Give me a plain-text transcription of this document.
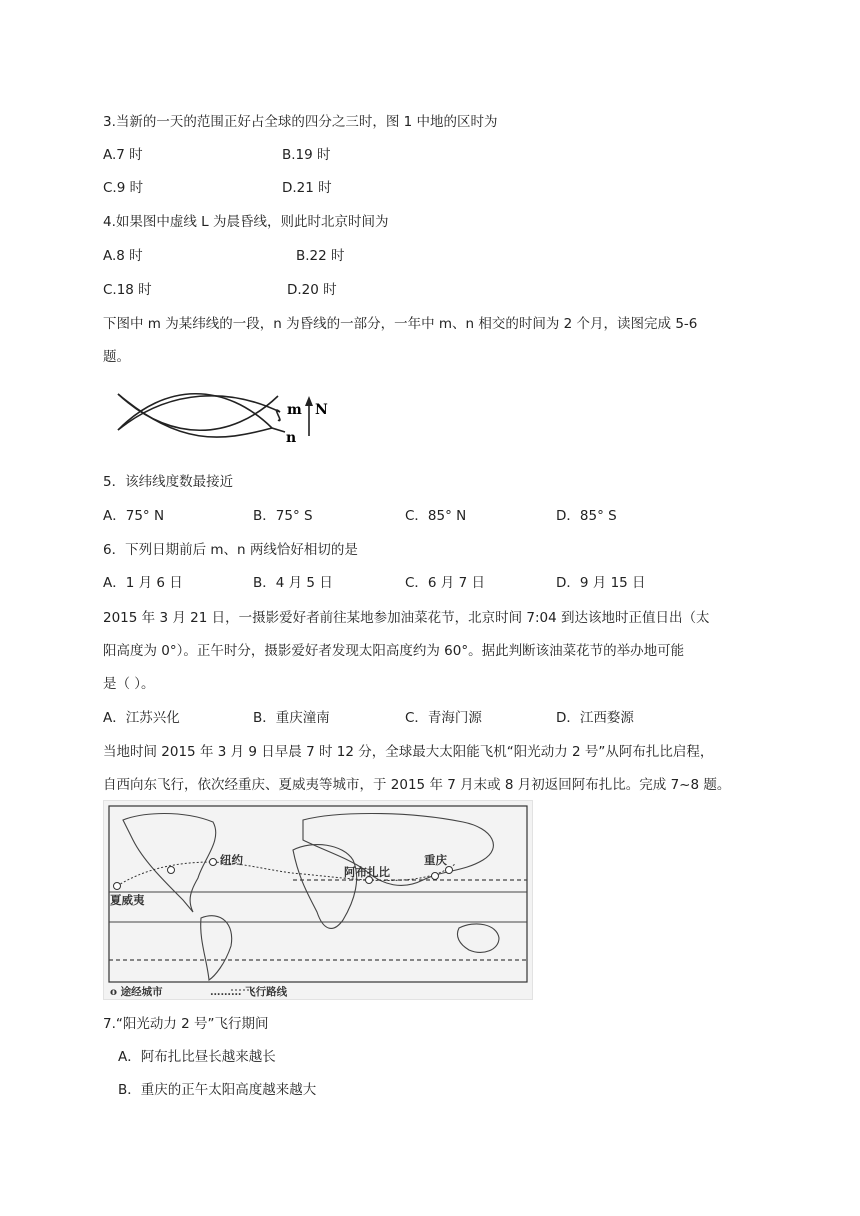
3.当新的一天的范围正好占全球的四分之三时，图 1 中地的区时为
A.7 时	B.19 时
C.9 时	D.21 时
4.如果图中虚线 L 为晨昏线，则此时北京时间为
A.8 时	B.22 时
C.18 时	D.20 时
下图中 m 为某纬线的一段，n 为昏线的一部分，一年中 m、n 相交的时间为 2 个月，读图完成 5-6
题。
m
n
N
5．该纬线度数最接近
A．75° N	B．75° S	C．85° N	D．85° S
6．下列日期前后 m、n 两线恰好相切的是
A．1 月 6 日	B．4 月 5 日	C．6 月 7 日	D．9 月 15 日
2015 年 3 月 21 日，一摄影爱好者前往某地参加油菜花节，北京时间 7:04 到达该地时正值日出（太
阳高度为 0°）。正午时分，摄影爱好者发现太阳高度约为 60°。据此判断该油菜花节的举办地可能
是（ ）。
A．江苏兴化	B．重庆潼南	C．青海门源	D．江西婺源
当地时间 2015 年 3 月 9 日早晨 7 时 12 分，全球最大太阳能飞机“阳光动力 2 号”从阿布扎比启程，
自西向东飞行，依次经重庆、夏威夷等城市，于 2015 年 7 月末或 8 月初返回阿布扎比。完成 7~8 题。
纽约
夏威夷
阿布扎比
重庆
o 途经城市	……… 飞行路线
7.“阳光动力 2 号”飞行期间
A．阿布扎比昼长越来越长
B．重庆的正午太阳高度越来越大
